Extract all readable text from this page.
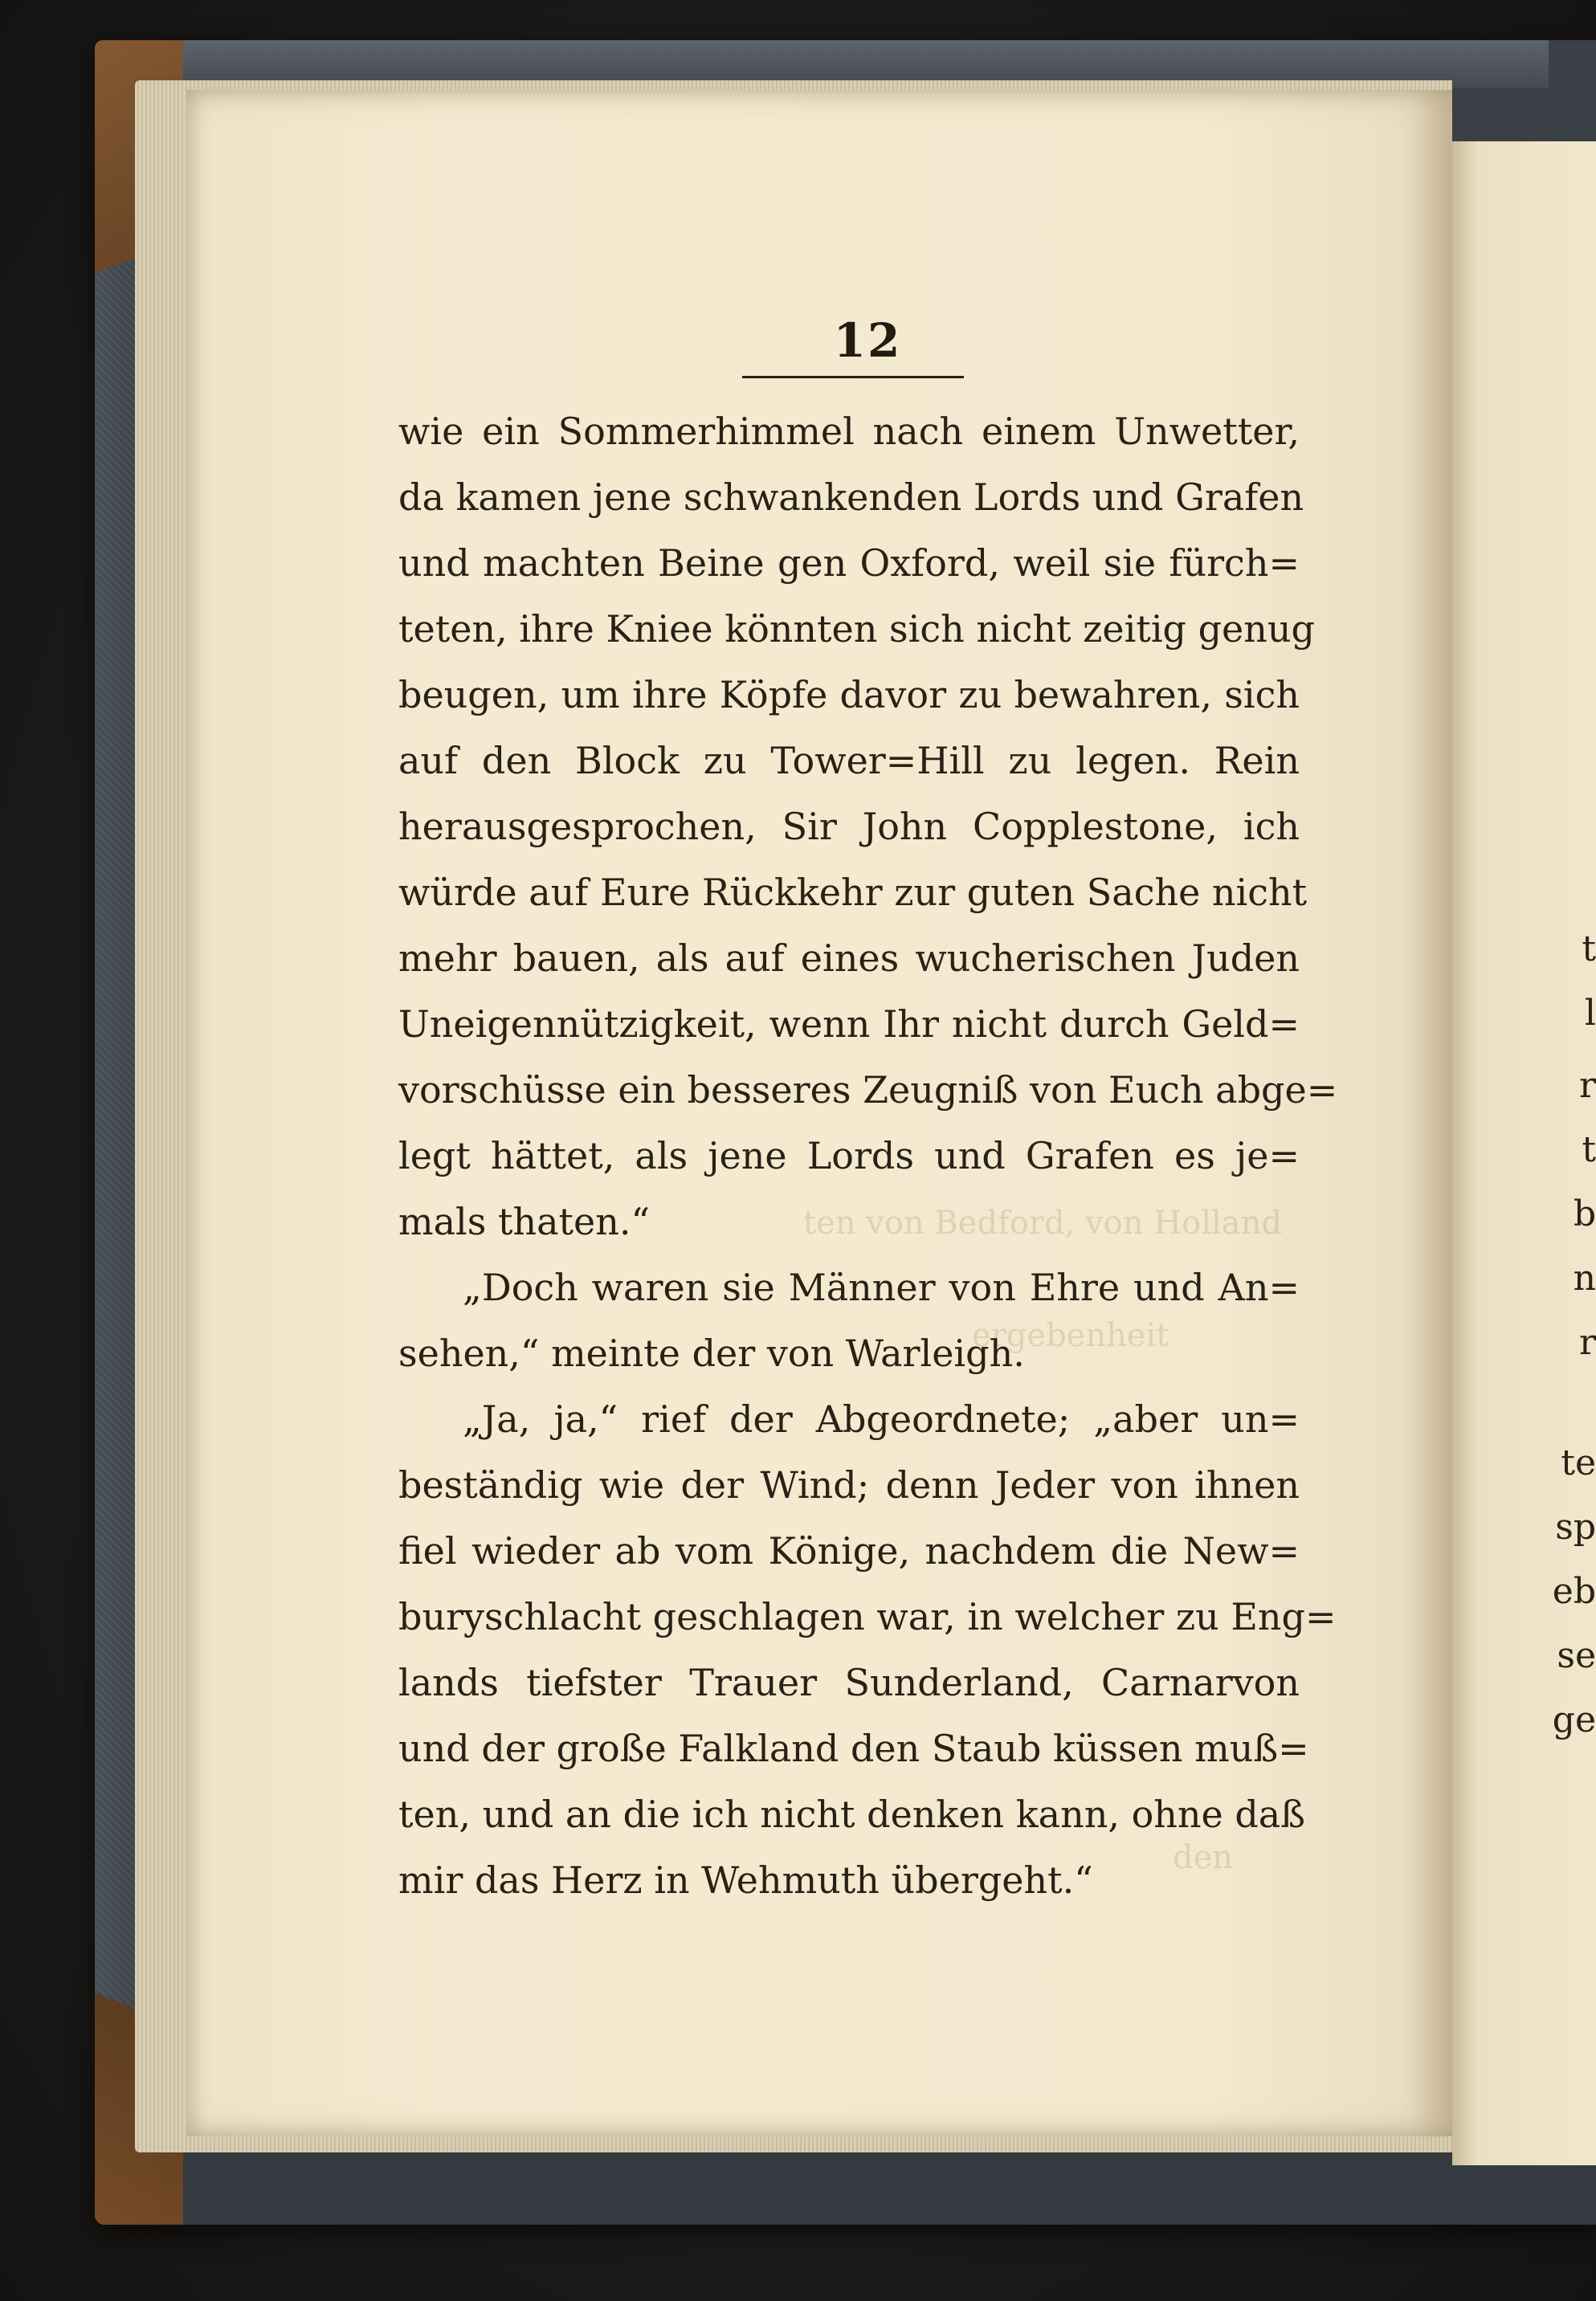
t
l
r
t
b
n
r
te
sp
eb
se
ge
ten von Bedford, von Holland
ergebenheit
den
12
wie ein Sommerhimmel nach einem Unwetter,
da kamen jene schwankenden Lords und Grafen
und machten Beine gen Oxford, weil sie fürch=
teten, ihre Kniee könnten sich nicht zeitig genug
beugen, um ihre Köpfe davor zu bewahren, sich
auf den Block zu Tower=Hill zu legen. Rein
herausgesprochen, Sir John Copplestone, ich
würde auf Eure Rückkehr zur guten Sache nicht
mehr bauen, als auf eines wucherischen Juden
Uneigennützigkeit, wenn Ihr nicht durch Geld=
vorschüsse ein besseres Zeugniß von Euch abge=
legt hättet, als jene Lords und Grafen es je=
mals thaten.“
„Doch waren sie Männer von Ehre und An=
sehen,“ meinte der von Warleigh.
„Ja, ja,“ rief der Abgeordnete; „aber un=
beständig wie der Wind; denn Jeder von ihnen
fiel wieder ab vom Könige, nachdem die New=
buryschlacht geschlagen war, in welcher zu Eng=
lands tiefster Trauer Sunderland, Carnarvon
und der große Falkland den Staub küssen muß=
ten, und an die ich nicht denken kann, ohne daß
mir das Herz in Wehmuth übergeht.“
